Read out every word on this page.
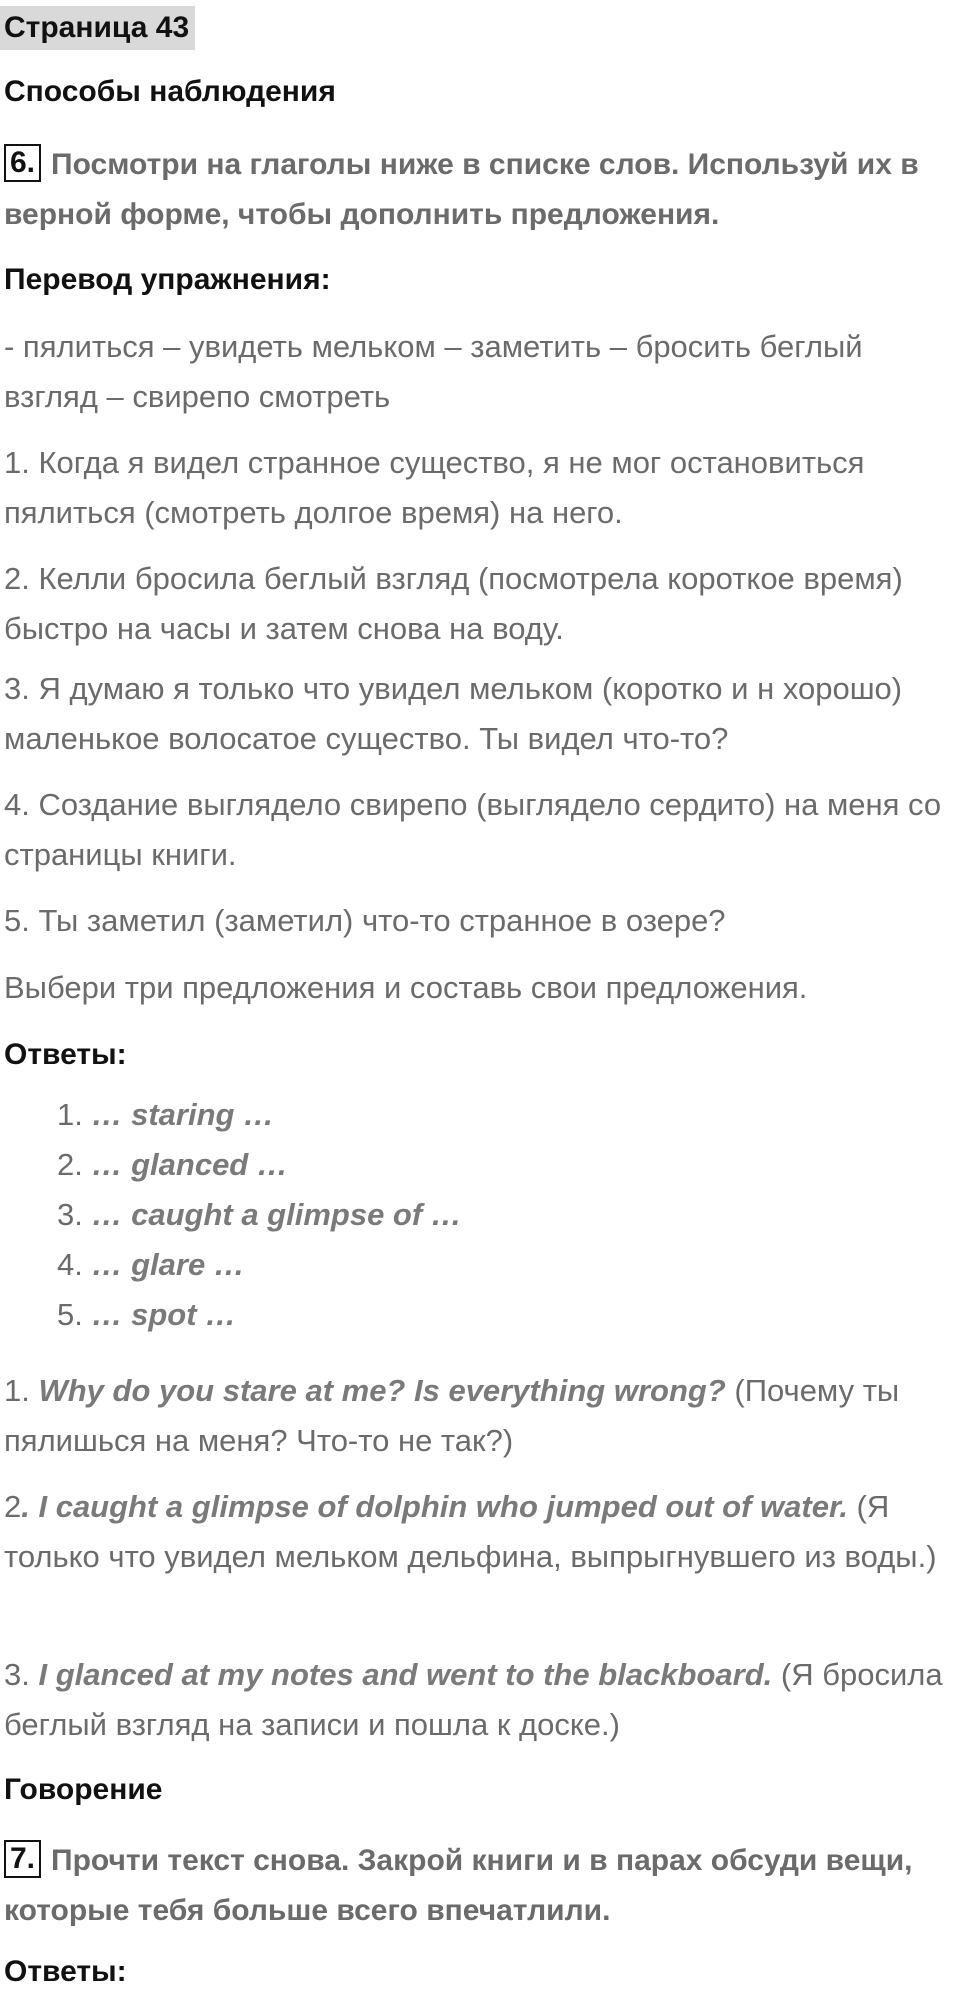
Страница 43
Способы наблюдения
6. Посмотри на глаголы ниже в списке слов. Используй их в верной форме, чтобы дополнить предложения.
Перевод упражнения:
- пялиться – увидеть мельком – заметить – бросить беглый взгляд – свирепо смотреть
1. Когда я видел странное существо, я не мог остановиться пялиться (смотреть долгое время) на него.
2. Келли бросила беглый взгляд (посмотрела короткое время) быстро на часы и затем снова на воду.
3. Я думаю я только что увидел мельком (коротко и н хорошо) маленькое волосатое существо. Ты видел что-то?
4. Создание выглядело свирепо (выглядело сердито) на меня со страницы книги.
5. Ты заметил (заметил) что-то странное в озере?
Выбери три предложения и составь свои предложения.
Ответы:
1. … staring …
2. … glanced …
3. … caught a glimpse of …
4. … glare …
5. … spot …
1. Why do you stare at me? Is everything wrong? (Почему ты пялишься на меня? Что-то не так?)
2. I caught a glimpse of dolphin who jumped out of water. (Я только что увидел мельком дельфина, выпрыгнувшего из воды.)
3. I glanced at my notes and went to the blackboard. (Я бросила беглый взгляд на записи и пошла к доске.)
Говорение
7. Прочти текст снова. Закрой книги и в парах обсуди вещи, которые тебя больше всего впечатлили.
Ответы:
